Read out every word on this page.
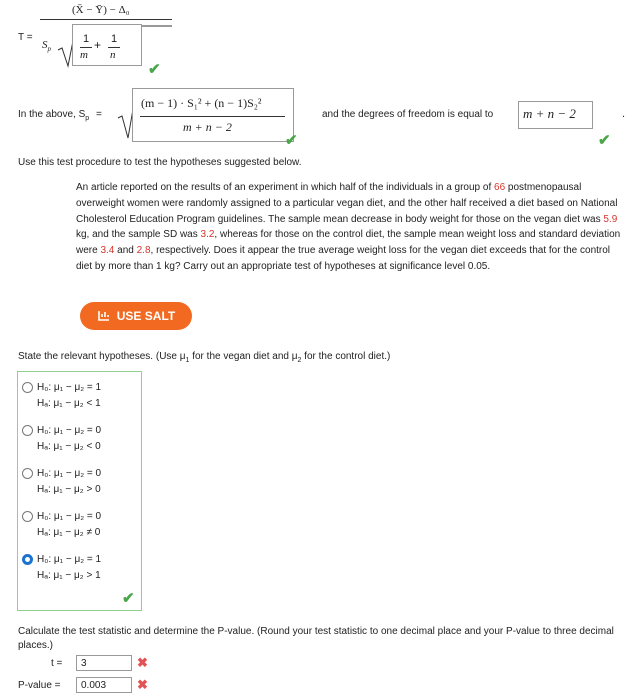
(X̄ − Ȳ) − Δ₀
T =
$S_p$
1
m
+ 1
n
✔
In the above, $S_p$ =
(m − 1) · S₁² + (n − 1)S₂²
m + n − 2
✔
and the degrees of freedom is equal to m + n − 2	.
✔
Use this test procedure to test the hypotheses suggested below.
An article reported on the results of an experiment in which half of the individuals in a group of 66 postmenopausal overweight women were randomly assigned to a particular vegan diet, and the other half received a diet based on National Cholesterol Education Program guidelines. The sample mean decrease in body weight for those on the vegan diet was 5.9 kg, and the sample SD was 3.2, whereas for those on the control diet, the sample mean weight loss and standard deviation were 3.4 and 2.8, respectively. Does it appear the true average weight loss for the vegan diet exceeds that for the control diet by more than 1 kg? Carry out an appropriate test of hypotheses at significance level 0.05.
USE SALT
State the relevant hypotheses. (Use $\mu_1$ for the vegan diet and $\mu_2$ for the control diet.)
H₀: μ₁ − μ₂ = 1
Hₐ: μ₁ − μ₂ < 1
H₀: μ₁ − μ₂ = 0
Hₐ: μ₁ − μ₂ < 0
H₀: μ₁ − μ₂ = 0
Hₐ: μ₁ − μ₂ > 0
H₀: μ₁ − μ₂ = 0
Hₐ: μ₁ − μ₂ ≠ 0
H₀: μ₁ − μ₂ = 1
Hₐ: μ₁ − μ₂ > 1
✔
Calculate the test statistic and determine the P-value. (Round your test statistic to one decimal place and your P-value to three decimal places.)
t =	3	✖
P-value =	0.003	✖
